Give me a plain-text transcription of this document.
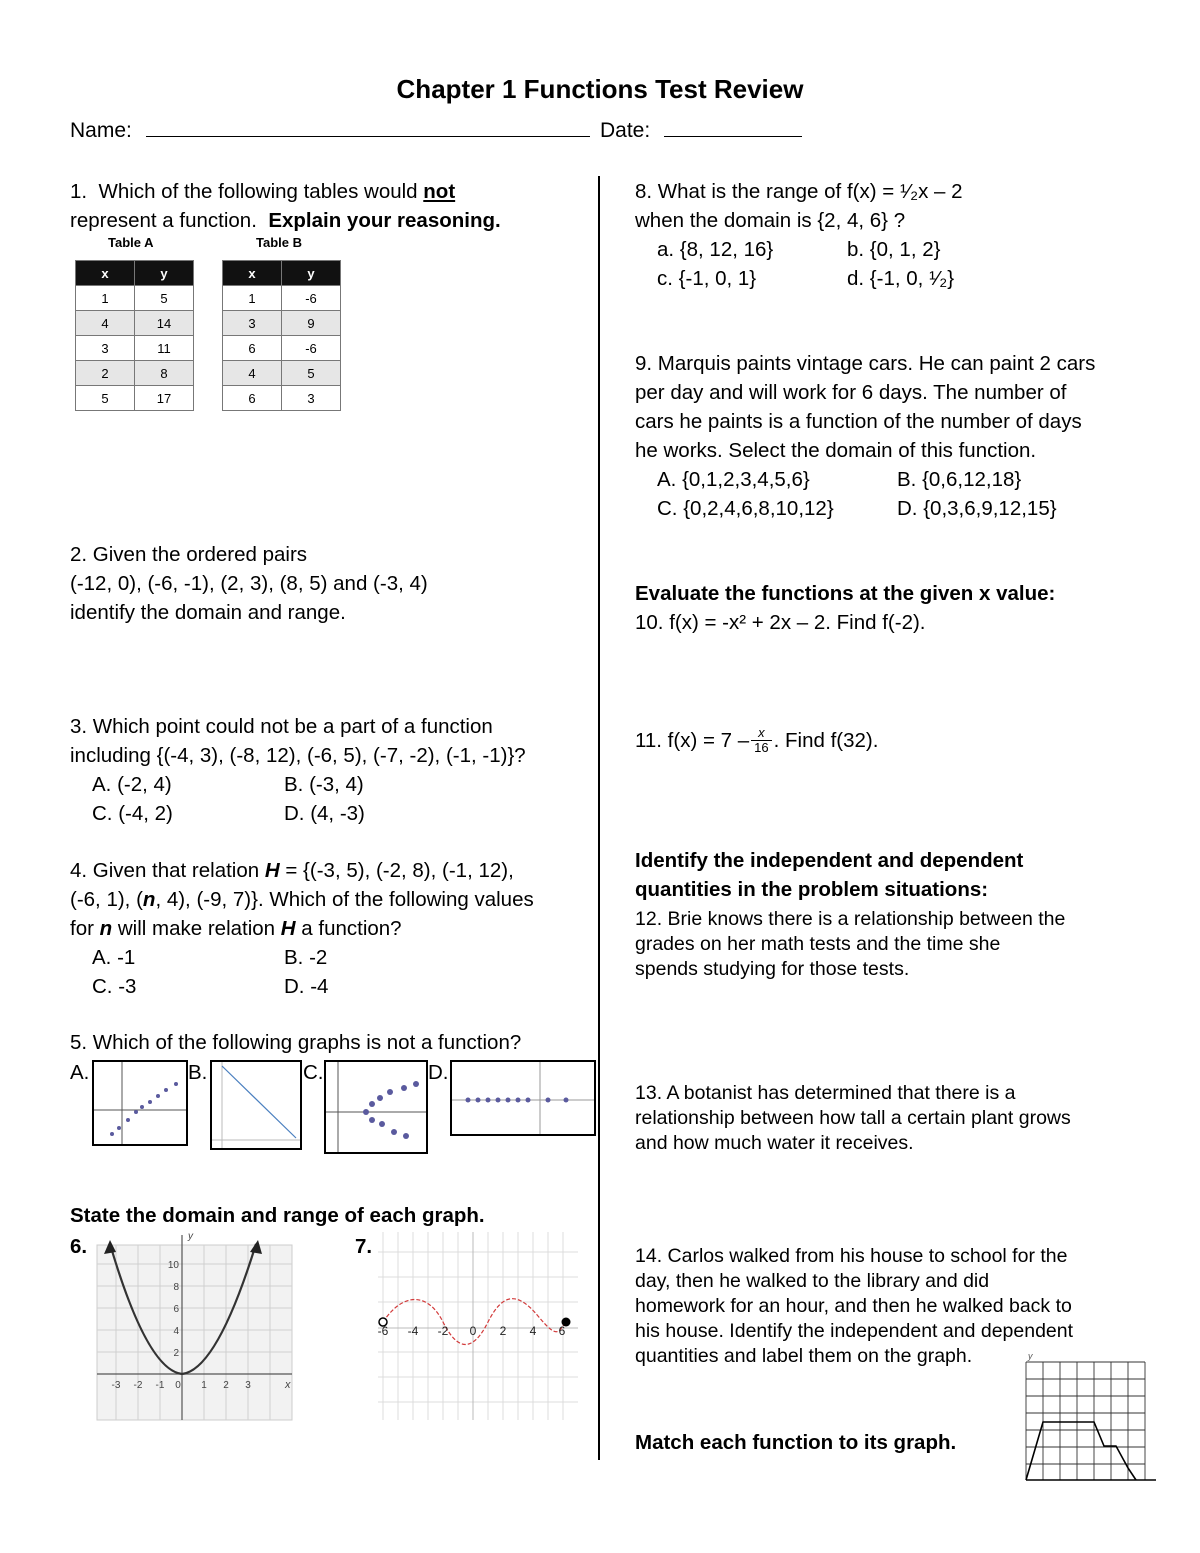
Chapter 1 Functions Test Review
Name:	Date:

1. Which of the following tables would not

represent a function. Explain your reasoning.

Table A	Table B
x	y
1	5
4	14
3	11
2	8
5	17
x	y
1	-6
3	9
6	-6
4	5
6	3

2. Given the ordered pairs

(-12, 0), (-6, -1), (2, 3), (8, 5) and (-3, 4)

identify the domain and range.

3. Which point could not be a part of a function

including {(-4, 3), (-8, 12), (-6, 5), (-7, -2), (-1, -1)}?

A. (-2, 4)	B. (-3, 4)
C. (-4, 2)	D. (4, -3)

4. Given that relation H = {(-3, 5), (-2, 8), (-1, 12),

(-6, 1), (n, 4), (-9, 7)}. Which of the following values

for n will make relation H a function?

A. -1	B. -2
C. -3	D. -4
5. Which of the following graphs is not a function?
A.	B.	C.	D.
State the domain and range of each graph.
6.	7.
y
x
10
8
6
4
2
-3 -2 -1 0 1 2 3
-6 -4 -2 0 2 4 6

8. What is the range of f(x) = ¹⁄₂x – 2

when the domain is {2, 4, 6} ?

a. {8, 12, 16}	b. {0, 1, 2}
c. {-1, 0, 1}	d. {-1, 0, ¹⁄₂}

9. Marquis paints vintage cars. He can paint 2 cars

per day and will work for 6 days. The number of

cars he paints is a function of the number of days

he works. Select the domain of this function.

A. {0,1,2,3,4,5,6}	B. {0,6,12,18}
C. {0,2,4,6,8,10,12}	D. {0,3,6,9,12,15}
Evaluate the functions at the given x value:
10. f(x) = -x² + 2x – 2. Find f(-2).
11. f(x) = 7 – x
16 . Find f(32).

Identify the independent and dependent

quantities in the problem situations:

12. Brie knows there is a relationship between the
grades on her math tests and the time she
spends studying for those tests.
13. A botanist has determined that there is a
relationship between how tall a certain plant grows
and how much water it receives.
14. Carlos walked from his house to school for the
day, then he walked to the library and did
homework for an hour, and then he walked back to
his house. Identify the independent and dependent
quantities and label them on the graph.	y
Match each function to its graph.
